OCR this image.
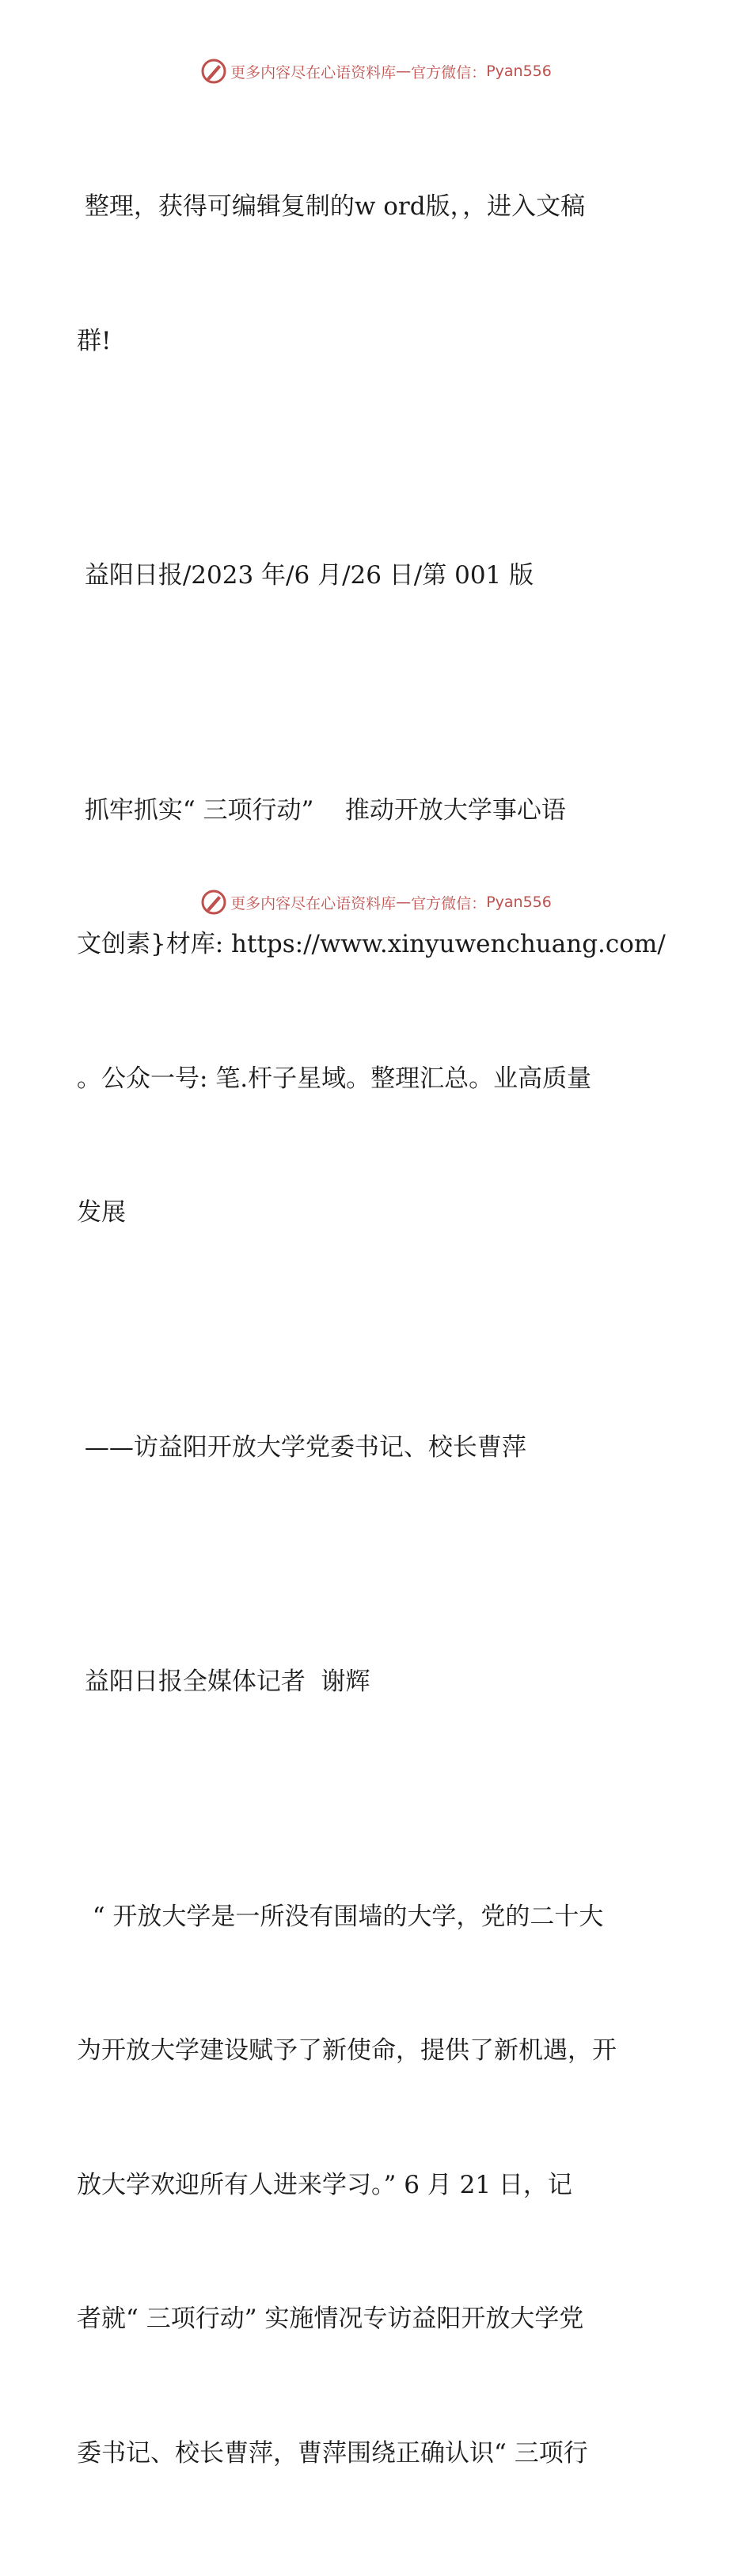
更多内容尽在心语资料库 — 官方微信： Pyan556

整理，获得可编辑复制的w ord版，，进入文稿

群!

益阳日报/2023 年/6 月/26 日/第 001 版

抓牢抓实“ 三项行动”    推动开放大学事心语

文创素}材库: https://www.xinyuwenchuang.com/

。公众一号: 笔.杆子星域。整理汇总。业高质量

发展

——访益阳开放大学党委书记、校长曹萍

益阳日报全媒体记者  谢辉

“ 开放大学是一所没有围墙的大学，党的二十大

为开放大学建设赋予了新使命，提供了新机遇，开

放大学欢迎所有人进来学习。” 6 月 21 日，记

者就“ 三项行动” 实施情况专访益阳开放大学党

委书记、校长曹萍，曹萍围绕正确认识“ 三项行

更多内容尽在心语资料库 — 官方微信： Pyan556
